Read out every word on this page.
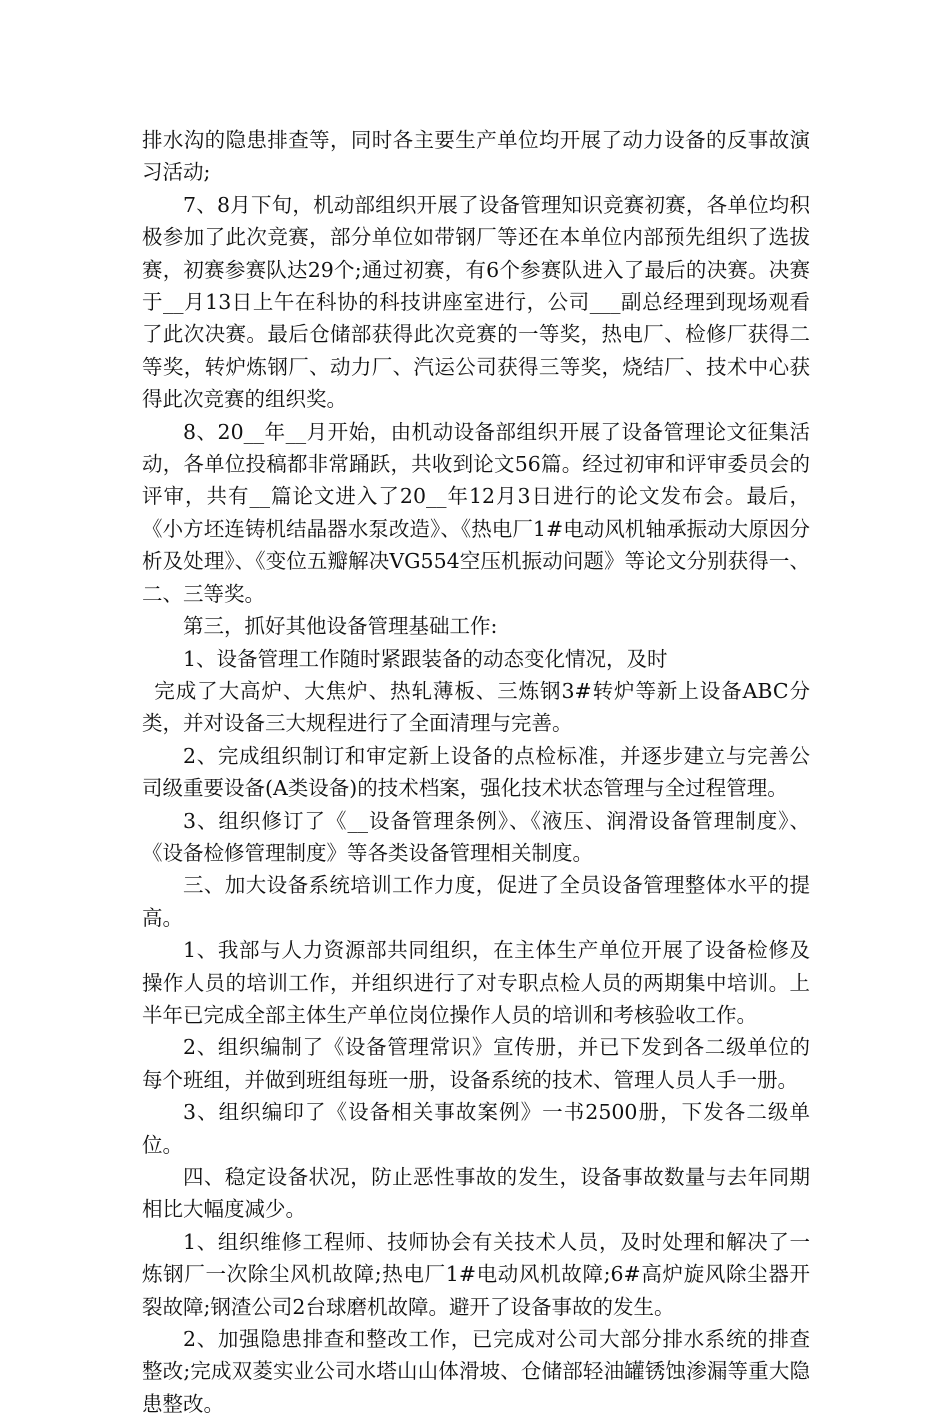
排水沟的隐患排查等，同时各主要生产单位均开展了动力设备的反事故演习活动;

7、8月下旬，机动部组织开展了设备管理知识竞赛初赛，各单位均积极参加了此次竞赛，部分单位如带钢厂等还在本单位内部预先组织了选拔赛，初赛参赛队达29个;通过初赛，有6个参赛队进入了最后的决赛。决赛于__月13日上午在科协的科技讲座室进行，公司___副总经理到现场观看了此次决赛。最后仓储部获得此次竞赛的一等奖，热电厂、检修厂获得二等奖，转炉炼钢厂、动力厂、汽运公司获得三等奖，烧结厂、技术中心获得此次竞赛的组织奖。

8、20__年__月开始，由机动设备部组织开展了设备管理论文征集活动，各单位投稿都非常踊跃，共收到论文56篇。经过初审和评审委员会的评审，共有__篇论文进入了20__年12月3日进行的论文发布会。最后，《小方坯连铸机结晶器水泵改造》、《热电厂1#电动风机轴承振动大原因分析及处理》、《变位五瓣解决VG554空压机振动问题》等论文分别获得一、二、三等奖。

第三，抓好其他设备管理基础工作:

1、设备管理工作随时紧跟装备的动态变化情况，及时

完成了大高炉、大焦炉、热轧薄板、三炼钢3#转炉等新上设备ABC分类，并对设备三大规程进行了全面清理与完善。

2、完成组织制订和审定新上设备的点检标准，并逐步建立与完善公司级重要设备(A类设备)的技术档案，强化技术状态管理与全过程管理。

3、组织修订了《__设备管理条例》、《液压、润滑设备管理制度》、《设备检修管理制度》等各类设备管理相关制度。

三、加大设备系统培训工作力度，促进了全员设备管理整体水平的提高。

1、我部与人力资源部共同组织，在主体生产单位开展了设备检修及操作人员的培训工作，并组织进行了对专职点检人员的两期集中培训。上半年已完成全部主体生产单位岗位操作人员的培训和考核验收工作。

2、组织编制了《设备管理常识》宣传册，并已下发到各二级单位的每个班组，并做到班组每班一册，设备系统的技术、管理人员人手一册。

3、组织编印了《设备相关事故案例》一书2500册，下发各二级单位。

四、稳定设备状况，防止恶性事故的发生，设备事故数量与去年同期相比大幅度减少。

1、组织维修工程师、技师协会有关技术人员，及时处理和解决了一炼钢厂一次除尘风机故障;热电厂1#电动风机故障;6#高炉旋风除尘器开裂故障;钢渣公司2台球磨机故障。避开了设备事故的发生。

2、加强隐患排查和整改工作，已完成对公司大部分排水系统的排查整改;完成双菱实业公司水塔山山体滑坡、仓储部轻油罐锈蚀渗漏等重大隐患整改。
